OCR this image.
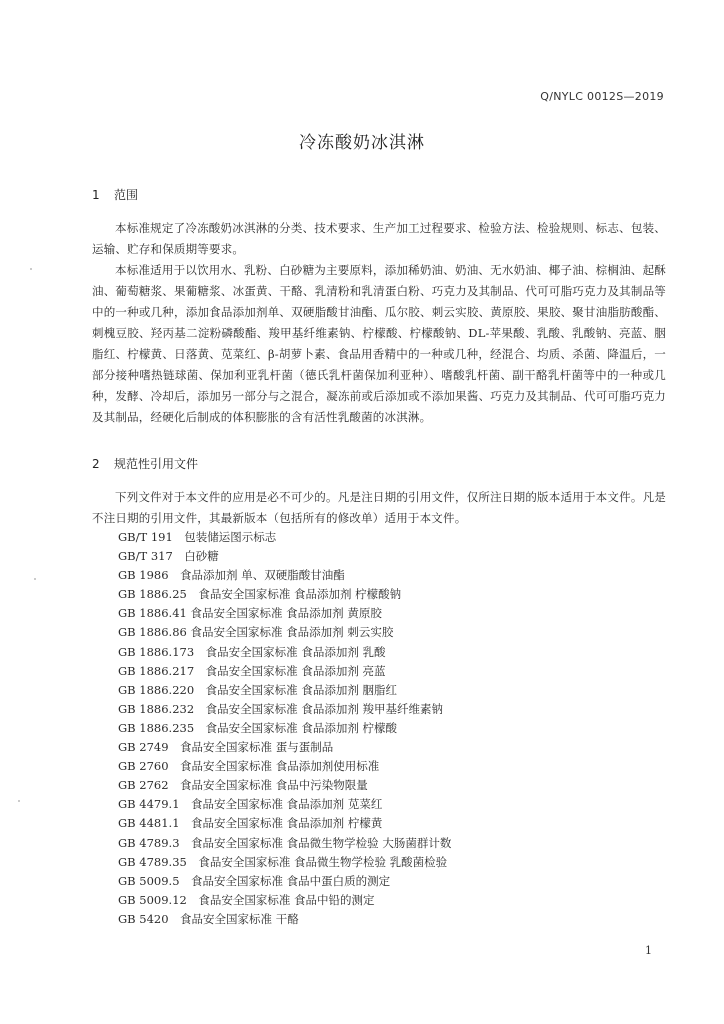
Q/NYLC 0012S—2019
冷冻酸奶冰淇淋
1 范围

本标准规定了冷冻酸奶冰淇淋的分类、技术要求、生产加工过程要求、检验方法、检验规则、标志、包装、运输、贮存和保质期等要求。

本标准适用于以饮用水、乳粉、白砂糖为主要原料，添加稀奶油、奶油、无水奶油、椰子油、棕榈油、起酥油、葡萄糖浆、果葡糖浆、冰蛋黄、干酪、乳清粉和乳清蛋白粉、巧克力及其制品、代可可脂巧克力及其制品等中的一种或几种，添加食品添加剂单、双硬脂酸甘油酯、瓜尔胶、刺云实胶、黄原胶、果胶、聚甘油脂肪酸酯、刺槐豆胶、羟丙基二淀粉磷酸酯、羧甲基纤维素钠、柠檬酸、柠檬酸钠、DL-苹果酸、乳酸、乳酸钠、亮蓝、胭脂红、柠檬黄、日落黄、苋菜红、β-胡萝卜素、食品用香精中的一种或几种，经混合、均质、杀菌、降温后，一部分接种嗜热链球菌、保加利亚乳杆菌（德氏乳杆菌保加利亚种）、嗜酸乳杆菌、副干酪乳杆菌等中的一种或几种，发酵、冷却后，添加另一部分与之混合，凝冻前或后添加或不添加果酱、巧克力及其制品、代可可脂巧克力及其制品，经硬化后制成的体积膨胀的含有活性乳酸菌的冰淇淋。

2 规范性引用文件

下列文件对于本文件的应用是必不可少的。凡是注日期的引用文件，仅所注日期的版本适用于本文件。凡是不注日期的引用文件，其最新版本（包括所有的修改单）适用于本文件。

GB/T 191　包装储运图示标志
GB/T 317　白砂糖
GB 1986　食品添加剂 单、双硬脂酸甘油酯
GB 1886.25　食品安全国家标准 食品添加剂 柠檬酸钠
GB 1886.41 食品安全国家标准 食品添加剂 黄原胶
GB 1886.86 食品安全国家标准 食品添加剂 刺云实胶
GB 1886.173　食品安全国家标准 食品添加剂 乳酸
GB 1886.217　食品安全国家标准 食品添加剂 亮蓝
GB 1886.220　食品安全国家标准 食品添加剂 胭脂红
GB 1886.232　食品安全国家标准 食品添加剂 羧甲基纤维素钠
GB 1886.235　食品安全国家标准 食品添加剂 柠檬酸
GB 2749　食品安全国家标准 蛋与蛋制品
GB 2760　食品安全国家标准 食品添加剂使用标准
GB 2762　食品安全国家标准 食品中污染物限量
GB 4479.1　食品安全国家标准 食品添加剂 苋菜红
GB 4481.1　食品安全国家标准 食品添加剂 柠檬黄
GB 4789.3　食品安全国家标准 食品微生物学检验 大肠菌群计数
GB 4789.35　食品安全国家标准 食品微生物学检验 乳酸菌检验
GB 5009.5　食品安全国家标准 食品中蛋白质的测定
GB 5009.12　食品安全国家标准 食品中铅的测定
GB 5420　食品安全国家标准 干酪
1
